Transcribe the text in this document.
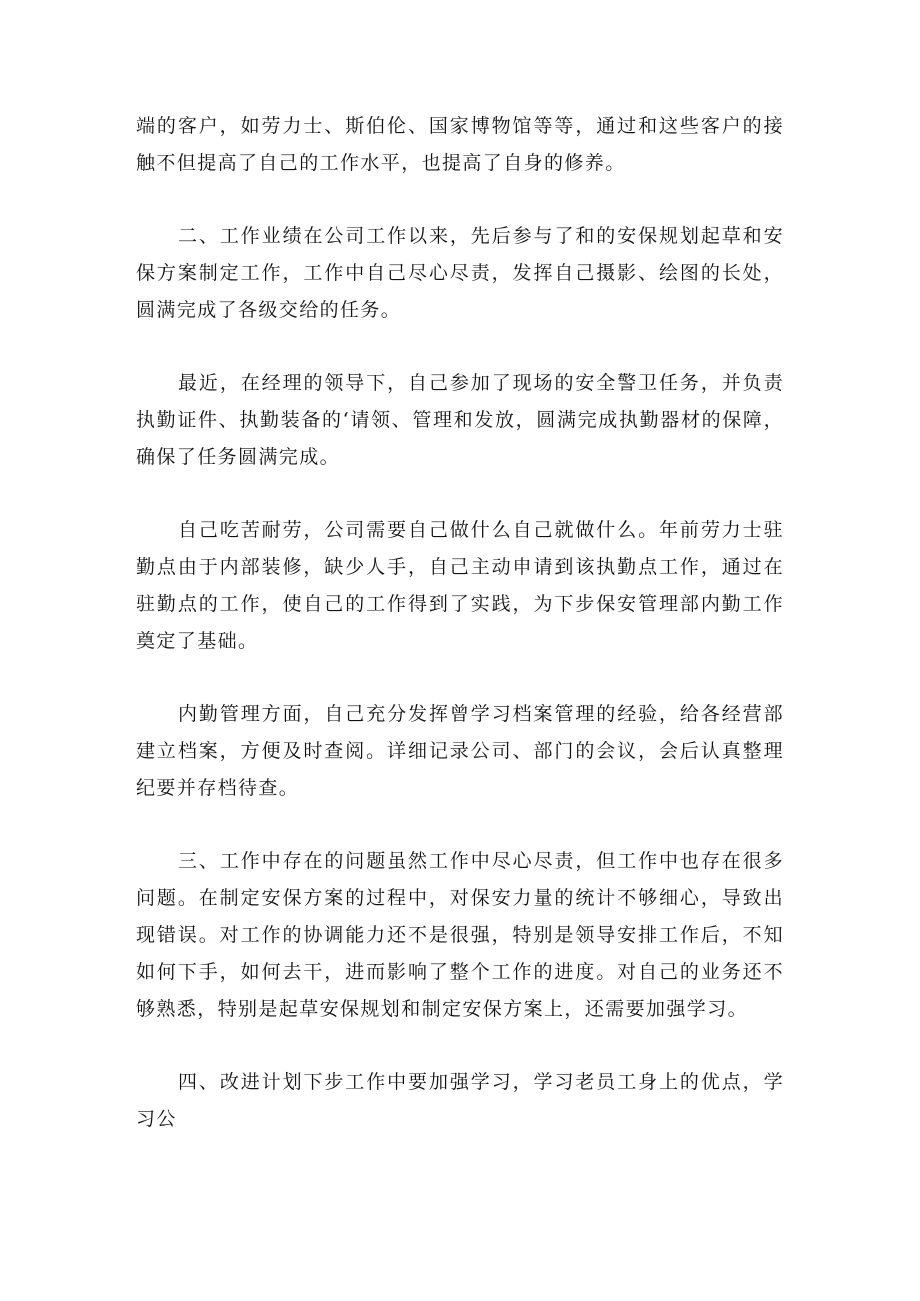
端的客户，如劳力士、斯伯伦、国家博物馆等等，通过和这些客户的接触不但提高了自己的工作水平，也提高了自身的修养。

二、工作业绩在公司工作以来，先后参与了和的安保规划起草和安保方案制定工作，工作中自己尽心尽责，发挥自己摄影、绘图的长处，圆满完成了各级交给的任务。

最近，在经理的领导下，自己参加了现场的安全警卫任务，并负责执勤证件、执勤装备的‘请领、管理和发放，圆满完成执勤器材的保障，确保了任务圆满完成。

自己吃苦耐劳，公司需要自己做什么自己就做什么。年前劳力士驻勤点由于内部装修，缺少人手，自己主动申请到该执勤点工作，通过在驻勤点的工作，使自己的工作得到了实践，为下步保安管理部内勤工作奠定了基础。

内勤管理方面，自己充分发挥曾学习档案管理的经验，给各经营部建立档案，方便及时查阅。详细记录公司、部门的会议，会后认真整理纪要并存档待查。

三、工作中存在的问题虽然工作中尽心尽责，但工作中也存在很多问题。在制定安保方案的过程中，对保安力量的统计不够细心，导致出现错误。对工作的协调能力还不是很强，特别是领导安排工作后，不知如何下手，如何去干，进而影响了整个工作的进度。对自己的业务还不够熟悉，特别是起草安保规划和制定安保方案上，还需要加强学习。

四、改进计划下步工作中要加强学习，学习老员工身上的优点，学习公
